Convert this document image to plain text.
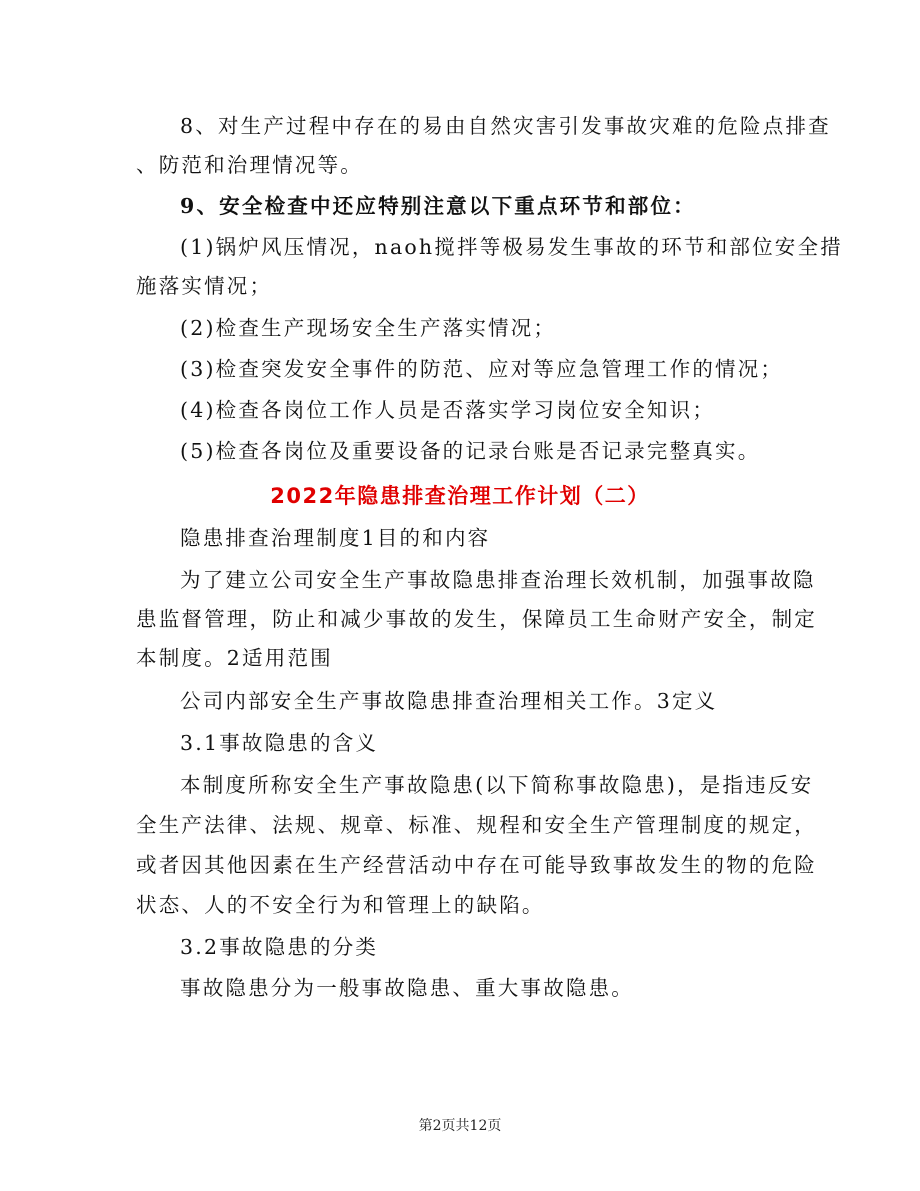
8、对生产过程中存在的易由自然灾害引发事故灾难的危险点排查
、防范和治理情况等。
9、安全检查中还应特别注意以下重点环节和部位：
(1)锅炉风压情况，naoh搅拌等极易发生事故的环节和部位安全措
施落实情况；
(2)检查生产现场安全生产落实情况；
(3)检查突发安全事件的防范、应对等应急管理工作的情况；
(4)检查各岗位工作人员是否落实学习岗位安全知识；
(5)检查各岗位及重要设备的记录台账是否记录完整真实。
2022年隐患排查治理工作计划（二）
隐患排查治理制度1目的和内容
为了建立公司安全生产事故隐患排查治理长效机制，加强事故隐
患监督管理，防止和减少事故的发生，保障员工生命财产安全，制定
本制度。2适用范围
公司内部安全生产事故隐患排查治理相关工作。3定义
3.1事故隐患的含义
本制度所称安全生产事故隐患(以下简称事故隐患)，是指违反安
全生产法律、法规、规章、标准、规程和安全生产管理制度的规定，
或者因其他因素在生产经营活动中存在可能导致事故发生的物的危险
状态、人的不安全行为和管理上的缺陷。
3.2事故隐患的分类
事故隐患分为一般事故隐患、重大事故隐患。
第2页共12页
